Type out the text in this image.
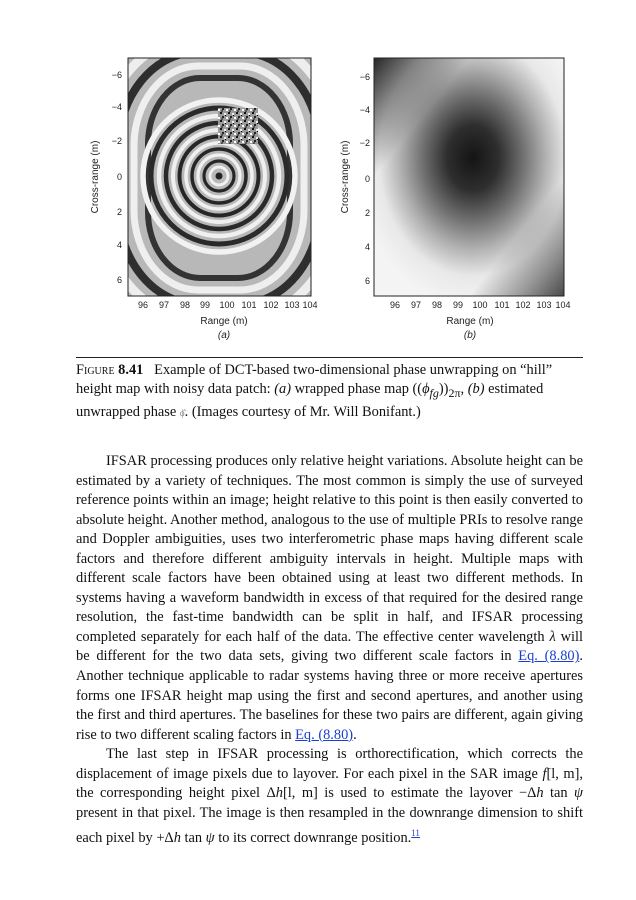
−6
−4
−2
0
2
4
6
Cross-range (m)
96 97 98 99 100 101 102 103 104
Range (m)
(a)
−6
−4
−2
0
2
4
6
Cross-range (m)
96 97 98 99 100 101 102 103 104
Range (m)
(b)
Figure 8.41 Example of DCT-based two-dimensional phase unwrapping on “hill” height map with noisy data patch: (a) wrapped phase map $((\phi_{fg}))_{2\pi}$, (b) estimated unwrapped phase ϕ̂. (Images courtesy of Mr. Will Bonifant.)

IFSAR processing produces only relative height variations. Absolute height can be estimated by a variety of techniques. The most common is simply the use of surveyed reference points within an image; height relative to this point is then easily converted to absolute height. Another method, analogous to the use of multiple PRIs to resolve range and Doppler ambiguities, uses two interferometric phase maps having different scale factors and therefore different ambiguity intervals in height. Multiple maps with different scale factors have been obtained using at least two different methods. In systems having a waveform bandwidth in excess of that required for the desired range resolution, the fast-time bandwidth can be split in half, and IFSAR processing completed separately for each half of the data. The effective center wavelength λ will be different for the two data sets, giving two different scale factors in Eq. (8.80). Another technique applicable to radar systems having three or more receive apertures forms one IFSAR height map using the first and second apertures, and another using the first and third apertures. The baselines for these two pairs are different, again giving rise to two different scaling factors in Eq. (8.80).

The last step in IFSAR processing is orthorectification, which corrects the displacement of image pixels due to layover. For each pixel in the SAR image f[l, m], the corresponding height pixel Δh[l, m] is used to estimate the layover −Δh tan ψ present in that pixel. The image is then resampled in the downrange dimension to shift each pixel by +Δh tan ψ to its correct downrange position.$^{11}$
